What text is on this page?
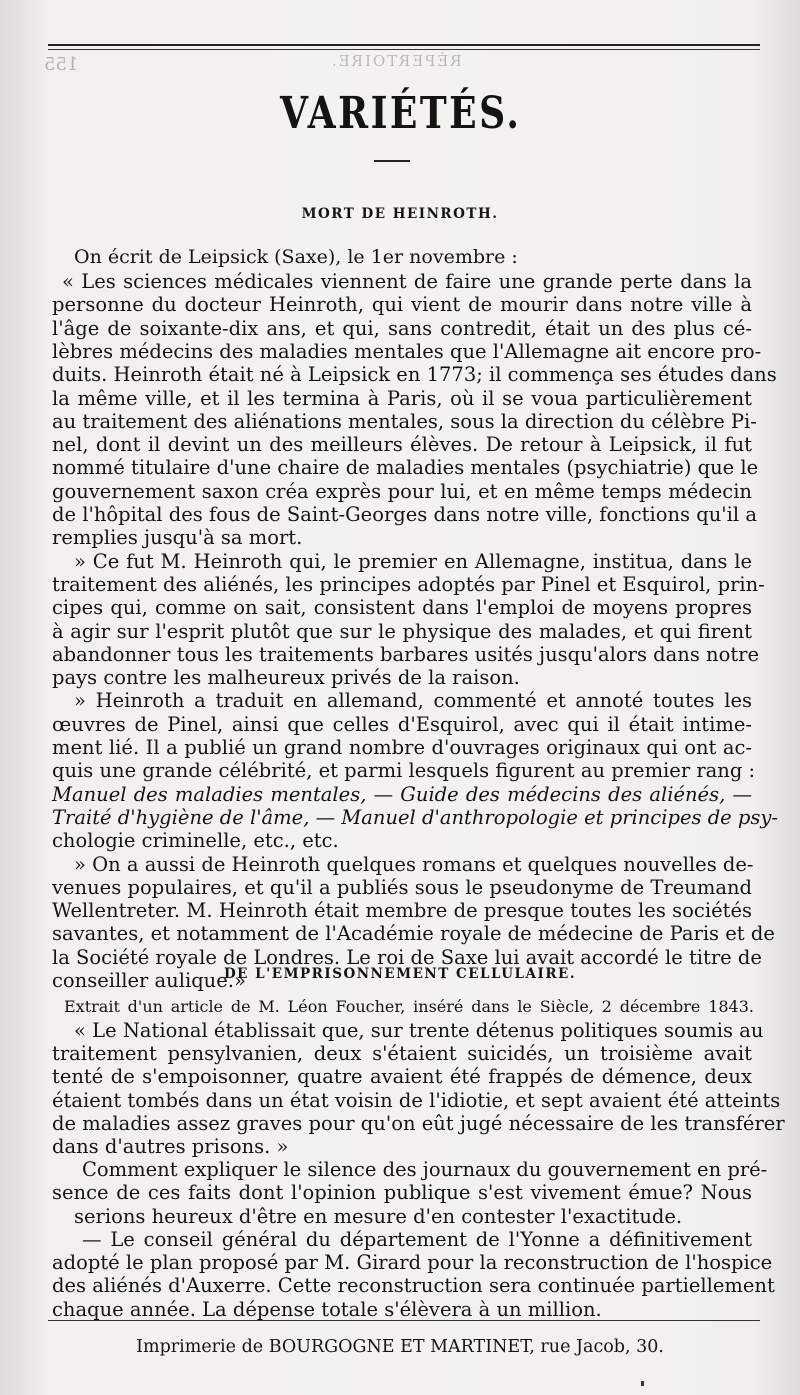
155	RÉPERTOIRE.
VARIÉTÉS.
MORT DE HEINROTH.
On écrit de Leipsick (Saxe), le 1er novembre :
« Les sciences médicales viennent de faire une grande perte dans la
personne du docteur Heinroth, qui vient de mourir dans notre ville à
l'âge de soixante-dix ans, et qui, sans contredit, était un des plus cé-
lèbres médecins des maladies mentales que l'Allemagne ait encore pro-
duits. Heinroth était né à Leipsick en 1773; il commença ses études dans
la même ville, et il les termina à Paris, où il se voua particulièrement
au traitement des aliénations mentales, sous la direction du célèbre Pi-
nel, dont il devint un des meilleurs élèves. De retour à Leipsick, il fut
nommé titulaire d'une chaire de maladies mentales (psychiatrie) que le
gouvernement saxon créa exprès pour lui, et en même temps médecin
de l'hôpital des fous de Saint-Georges dans notre ville, fonctions qu'il a
remplies jusqu'à sa mort.
» Ce fut M. Heinroth qui, le premier en Allemagne, institua, dans le
traitement des aliénés, les principes adoptés par Pinel et Esquirol, prin-
cipes qui, comme on sait, consistent dans l'emploi de moyens propres
à agir sur l'esprit plutôt que sur le physique des malades, et qui firent
abandonner tous les traitements barbares usités jusqu'alors dans notre
pays contre les malheureux privés de la raison.
» Heinroth a traduit en allemand, commenté et annoté toutes les
œuvres de Pinel, ainsi que celles d'Esquirol, avec qui il était intime-
ment lié. Il a publié un grand nombre d'ouvrages originaux qui ont ac-
quis une grande célébrité, et parmi lesquels figurent au premier rang :
Manuel des maladies mentales, — Guide des médecins des aliénés, —
Traité d'hygiène de l'âme, — Manuel d'anthropologie et principes de psy-
chologie criminelle, etc., etc.
» On a aussi de Heinroth quelques romans et quelques nouvelles de-
venues populaires, et qu'il a publiés sous le pseudonyme de Treumand
Wellentreter. M. Heinroth était membre de presque toutes les sociétés
savantes, et notamment de l'Académie royale de médecine de Paris et de
la Société royale de Londres. Le roi de Saxe lui avait accordé le titre de
conseiller aulique.»
DE L'EMPRISONNEMENT CELLULAIRE.
Extrait d'un article de M. Léon Foucher, inséré dans le Siècle, 2 décembre 1843.
« Le National établissait que, sur trente détenus politiques soumis au
traitement pensylvanien, deux s'étaient suicidés, un troisième avait
tenté de s'empoisonner, quatre avaient été frappés de démence, deux
étaient tombés dans un état voisin de l'idiotie, et sept avaient été atteints
de maladies assez graves pour qu'on eût jugé nécessaire de les transférer
dans d'autres prisons. »
Comment expliquer le silence des journaux du gouvernement en pré-
sence de ces faits dont l'opinion publique s'est vivement émue? Nous
serions heureux d'être en mesure d'en contester l'exactitude.
— Le conseil général du département de l'Yonne a définitivement
adopté le plan proposé par M. Girard pour la reconstruction de l'hospice
des aliénés d'Auxerre. Cette reconstruction sera continuée partiellement
chaque année. La dépense totale s'élèvera à un million.
Imprimerie de BOURGOGNE ET MARTINET, rue Jacob, 30.
